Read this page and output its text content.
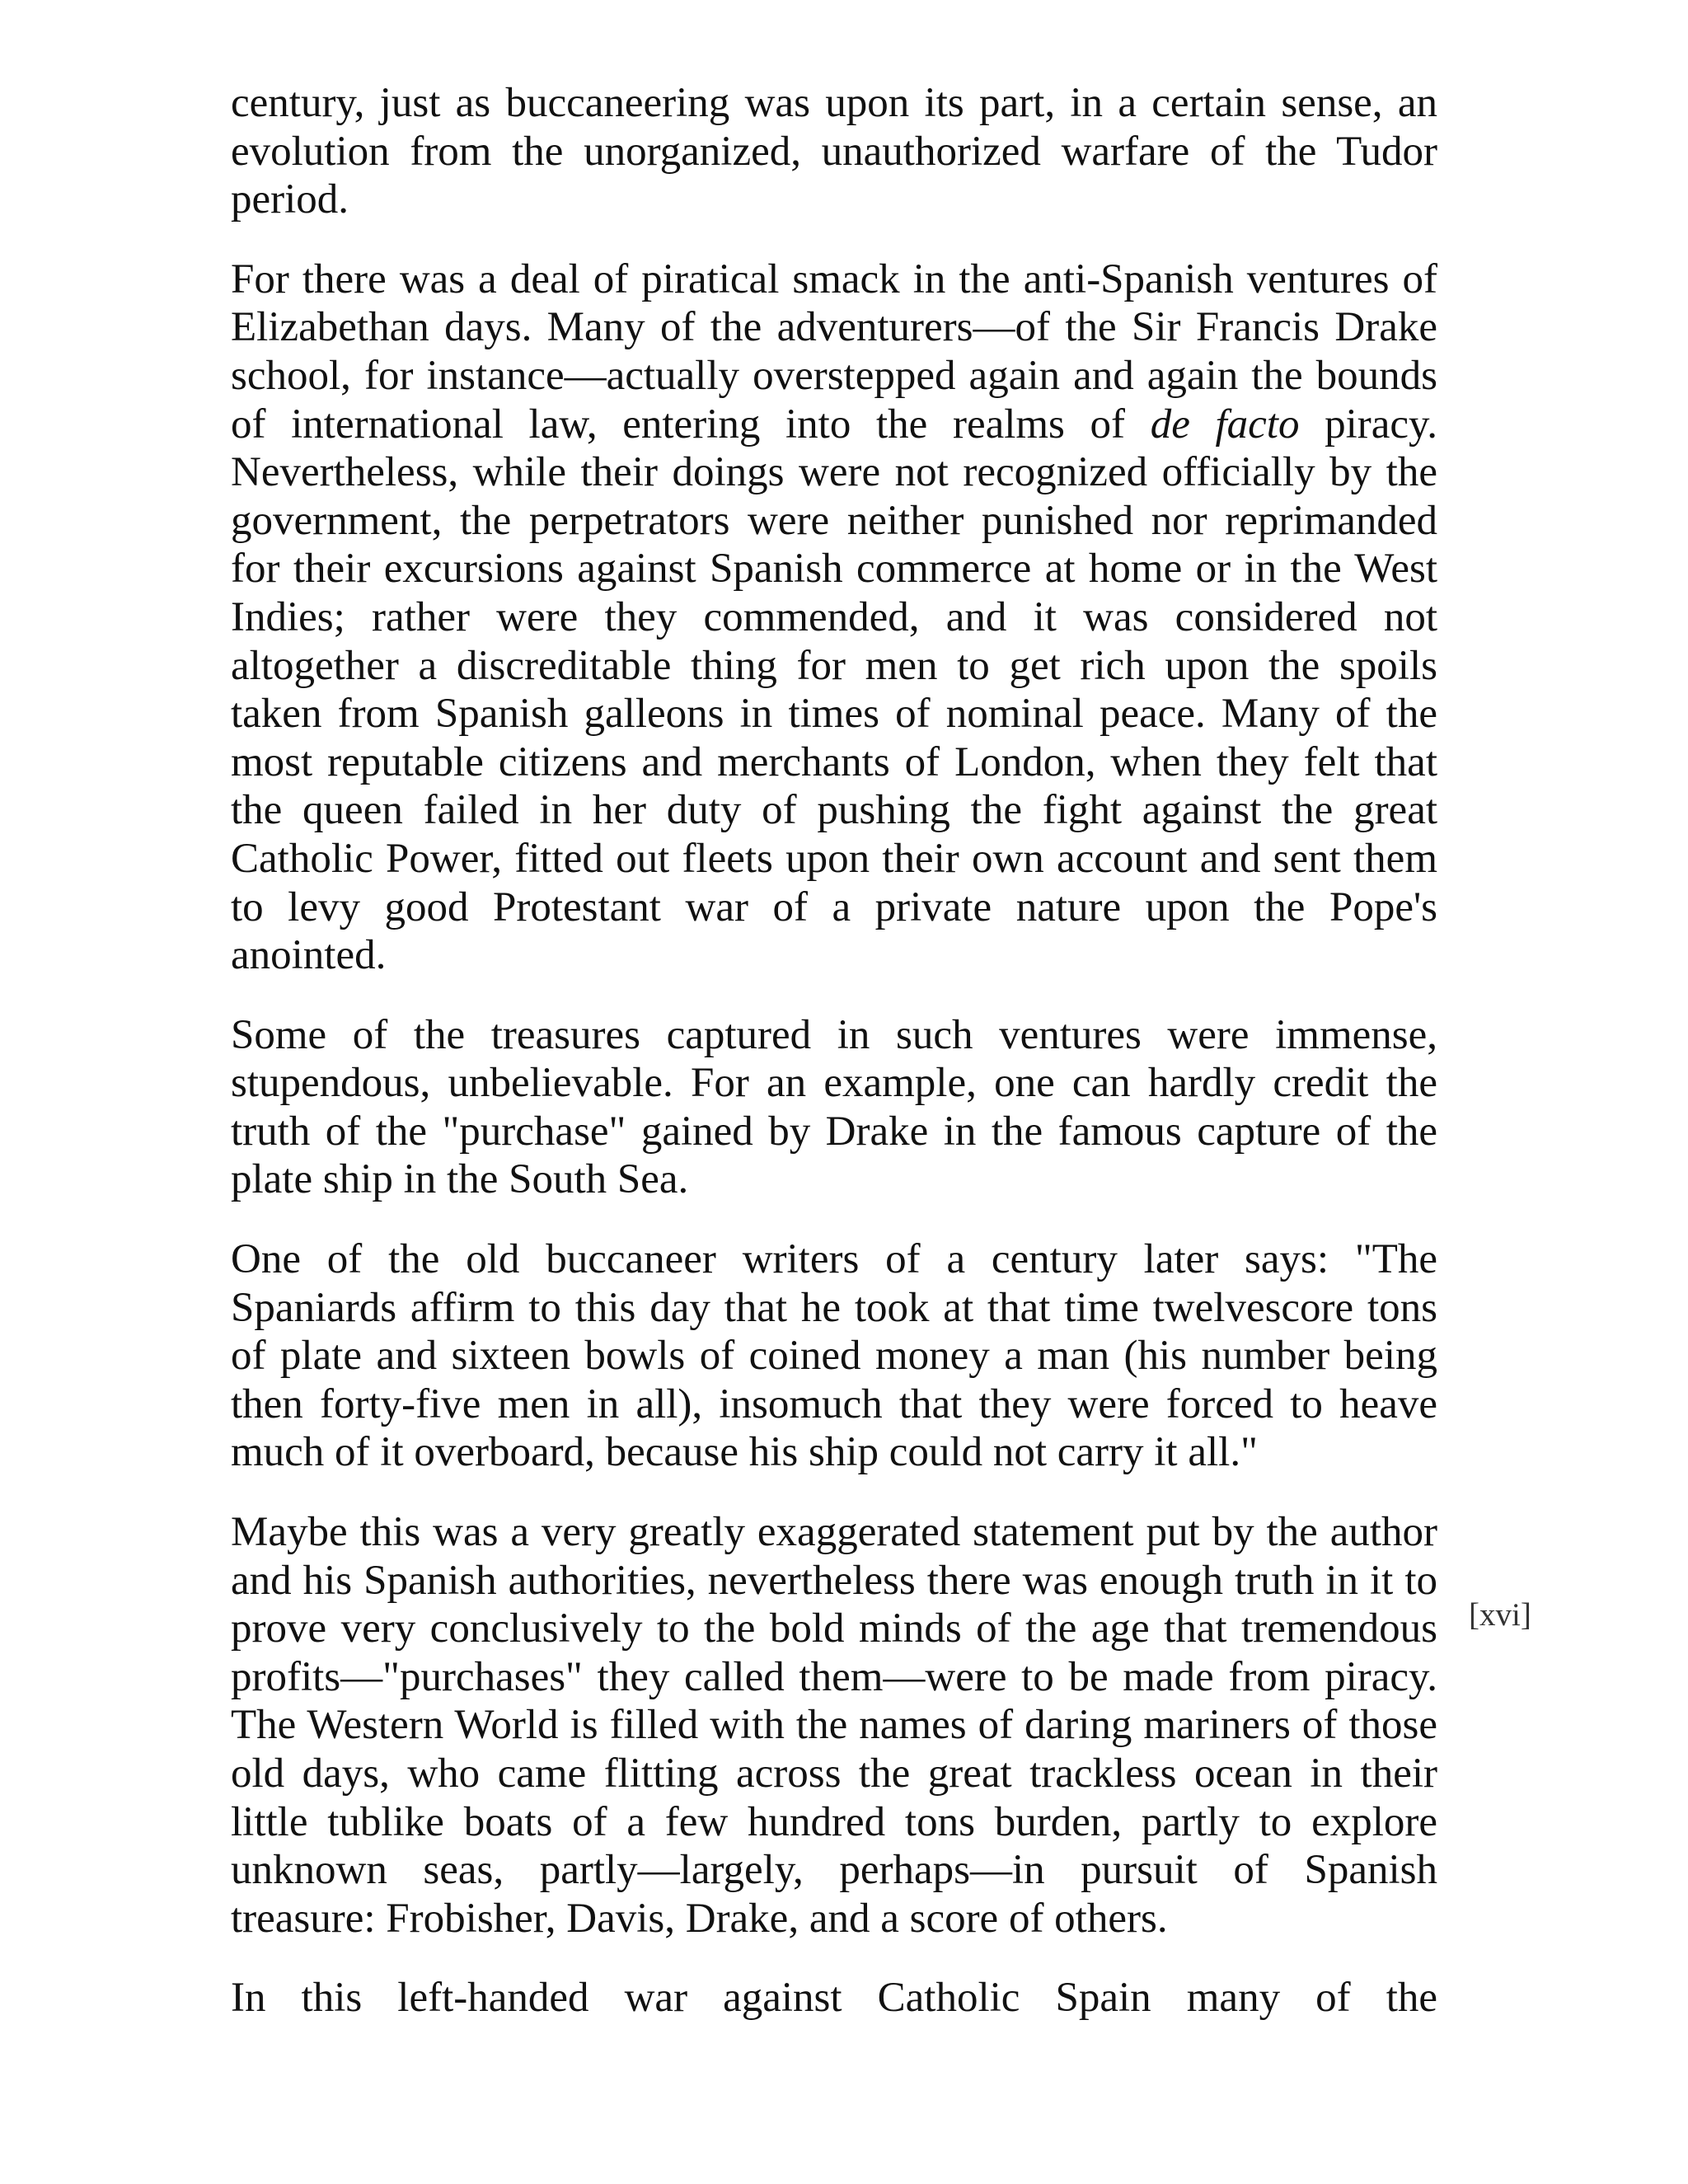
century, just as buccaneering was upon its part, in a certain sense, an evolution from the unorganized, unauthorized warfare of the Tudor period.

For there was a deal of piratical smack in the anti-Spanish ventures of Elizabethan days. Many of the adventurers—of the Sir Francis Drake school, for instance—actually overstepped again and again the bounds of international law, entering into the realms of de facto piracy. Nevertheless, while their doings were not recognized officially by the government, the perpetrators were neither punished nor reprimanded for their excursions against Spanish commerce at home or in the West Indies; rather were they commended, and it was considered not altogether a discreditable thing for men to get rich upon the spoils taken from Spanish galleons in times of nominal peace. Many of the most reputable citizens and merchants of London, when they felt that the queen failed in her duty of pushing the fight against the great Catholic Power, fitted out fleets upon their own account and sent them to levy good Protestant war of a private nature upon the Pope's anointed.

Some of the treasures captured in such ventures were immense, stupendous, unbelievable. For an example, one can hardly credit the truth of the "purchase" gained by Drake in the famous capture of the plate ship in the South Sea.

One of the old buccaneer writers of a century later says: "The Spaniards affirm to this day that he took at that time twelvescore tons of plate and sixteen bowls of coined money a man (his number being then forty-five men in all), insomuch that they were forced to heave much of it overboard, because his ship could not carry it all."

Maybe this was a very greatly exaggerated statement put by the author and his Spanish authorities, nevertheless there was enough truth in it to prove very conclusively to the bold minds of the age that tremendous profits—"purchases" they called them—were to be made from piracy. The Western World is filled with the names of daring mariners of those old days, who came flitting across the great trackless ocean in their little tublike boats of a few hundred tons burden, partly to explore unknown seas, partly—largely, perhaps—in pursuit of Spanish treasure: Frobisher, Davis, Drake, and a score of others.

In this left-handed war against Catholic Spain many of the

[xvi]
